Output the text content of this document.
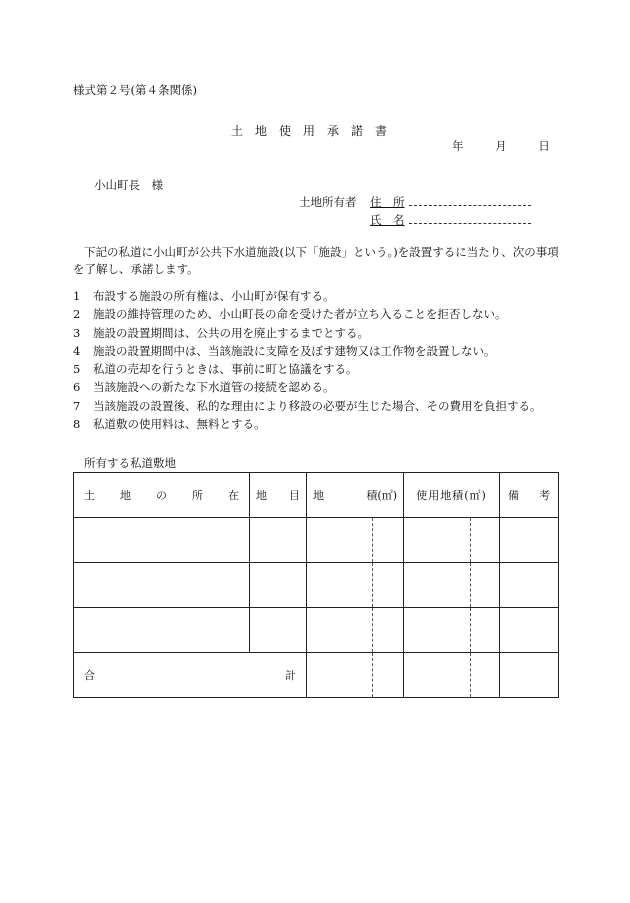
様式第２号(第４条関係)
土地使用承諾書
年	月	日
小山町長　様
土地所有者 住　所
氏　名
下記の私道に小山町が公共下水道施設(以下「施設」という。)を設置するに当たり、次の事項を了解し、承諾します。
1 布設する施設の所有権は、小山町が保有する。
2 施設の維持管理のため、小山町長の命を受けた者が立ち入ることを拒否しない。
3 施設の設置期間は、公共の用を廃止するまでとする。
4 施設の設置期間中は、当該施設に支障を及ぼす建物又は工作物を設置しない。
5 私道の売却を行うときは、事前に町と協議をする。
6 当該施設への新たな下水道管の接続を認める。
7 当該施設の設置後、私的な理由により移設の必要が生じた場合、その費用を負担する。
8 私道敷の使用料は、無料とする。
所有する私道敷地
土 地 の 所 在	地 目	地 積(㎡)		使用地積(㎡)		備 考

合 計						
